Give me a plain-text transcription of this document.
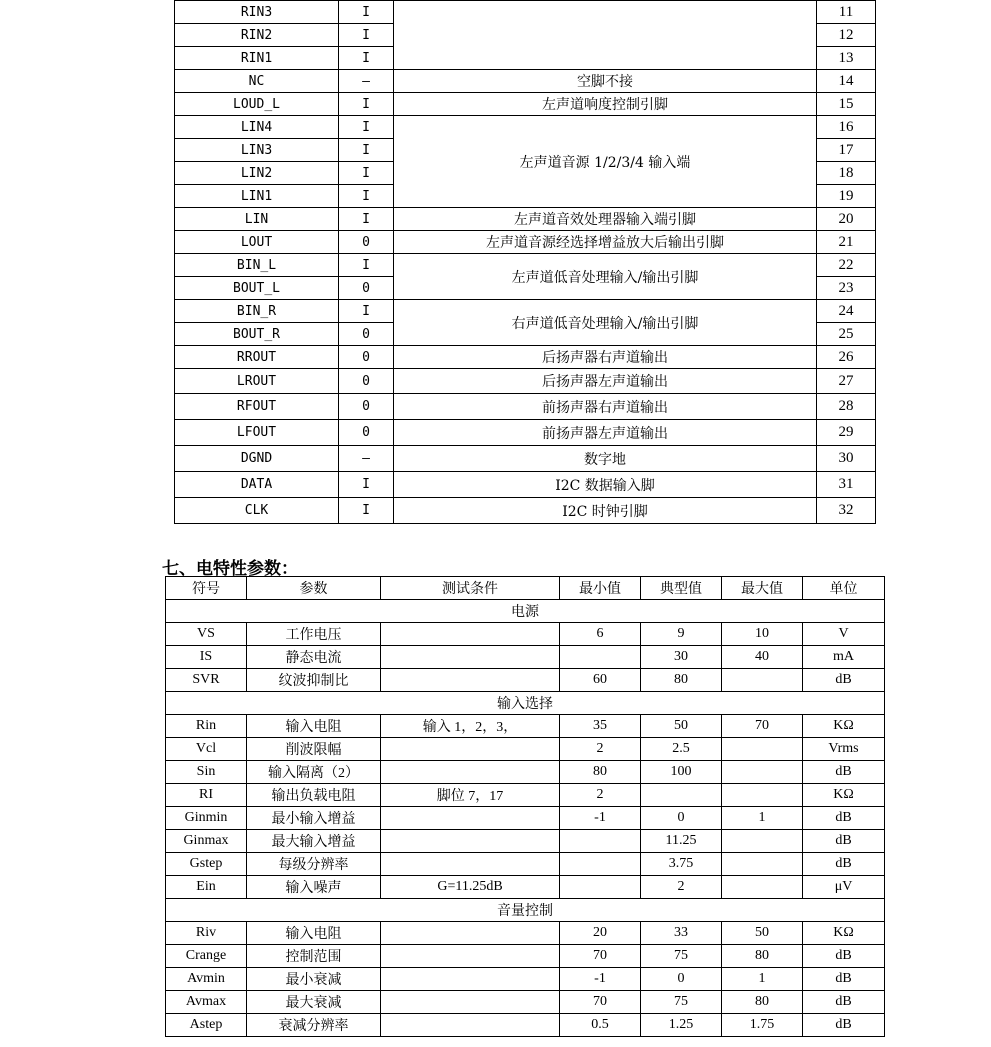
RIN3	I		11
RIN2	I		12
RIN1	I		13
NC	–	空脚不接	14
LOUD_L	I	左声道响度控制引脚	15
LIN4	I	左声道音源 1/2/3/4 输入端	16
LIN3	I		17
LIN2	I		18
LIN1	I		19
LIN	I	左声道音效处理器输入端引脚	20
LOUT	0	左声道音源经选择增益放大后输出引脚	21
BIN_L	I	左声道低音处理输入/输出引脚	22
BOUT_L	0		23
BIN_R	I	右声道低音处理输入/输出引脚	24
BOUT_R	0		25
RROUT	0	后扬声器右声道输出	26
LROUT	0	后扬声器左声道输出	27
RFOUT	0	前扬声器右声道输出	28
LFOUT	0	前扬声器左声道输出	29
DGND	–	数字地	30
DATA	I	I2C 数据输入脚	31
CLK	I	I2C 时钟引脚	32
七、电特性参数：
符号	参数	测试条件	最小值	典型值	最大值	单位
电源						
VS	工作电压		6	9	10	V
IS	静态电流			30	40	mA
SVR	纹波抑制比		60	80		dB
输入选择						
Rin	输入电阻	输入 1，2，3，	35	50	70	KΩ
Vcl	削波限幅		2	2.5		Vrms
Sin	输入隔离（2）		80	100		dB
RI	输出负载电阻	脚位 7，17	2			KΩ
Ginmin	最小输入增益		-1	0	1	dB
Ginmax	最大输入增益			11.25		dB
Gstep	每级分辨率			3.75		dB
Ein	输入噪声	G=11.25dB		2		μV
音量控制						
Riv	输入电阻		20	33	50	KΩ
Crange	控制范围		70	75	80	dB
Avmin	最小衰减		-1	0	1	dB
Avmax	最大衰减		70	75	80	dB
Astep	衰减分辨率		0.5	1.25	1.75	dB
